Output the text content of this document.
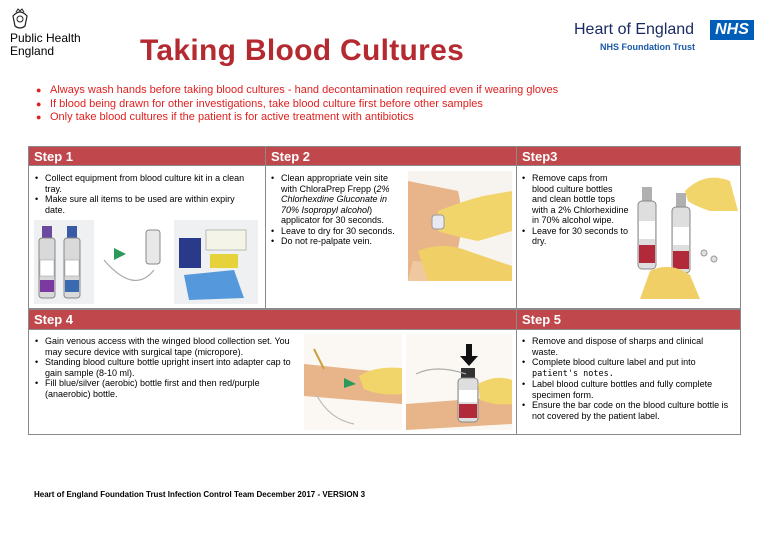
Public Health
England	Taking Blood Cultures
Heart of England	NHS
NHS Foundation Trust
● Always wash hands before taking blood cultures - hand decontamination required even if wearing gloves
● If blood being drawn for other investigations, take blood culture first before other samples
● Only take blood cultures if the patient is for active treatment with antibiotics
Step 1	Step 2	Step3
Step 4	Step 5
• Collect equipment from blood culture kit in a clean tray.
• Make sure all items to be used are within expiry date.
• Clean appropriate vein site with ChloraPrep Frepp (2% Chlorhexdine Gluconate in 70% Isopropyl alcohol) applicator for 30 seconds.
• Leave to dry for 30 seconds.
• Do not re-palpate vein.
• Remove caps from blood culture bottles and clean bottle tops with a 2% Chlorhexidine in 70% alcohol wipe.
• Leave for 30 seconds to dry.
• Gain venous access with the winged blood collection set. You may secure device with surgical tape (micropore).
• Standing blood culture bottle upright insert into adapter cap to gain sample (8-10 ml).
• Fill blue/silver (aerobic) bottle first and then red/purple (anaerobic) bottle.
• Remove and dispose of sharps and clinical waste.
• Complete blood culture label and put into patient's notes.
• Label blood culture bottles and fully complete specimen form.
• Ensure the bar code on the blood culture bottle is not covered by the patient label.
Heart of England Foundation Trust Infection Control Team December 2017 - VERSION 3
